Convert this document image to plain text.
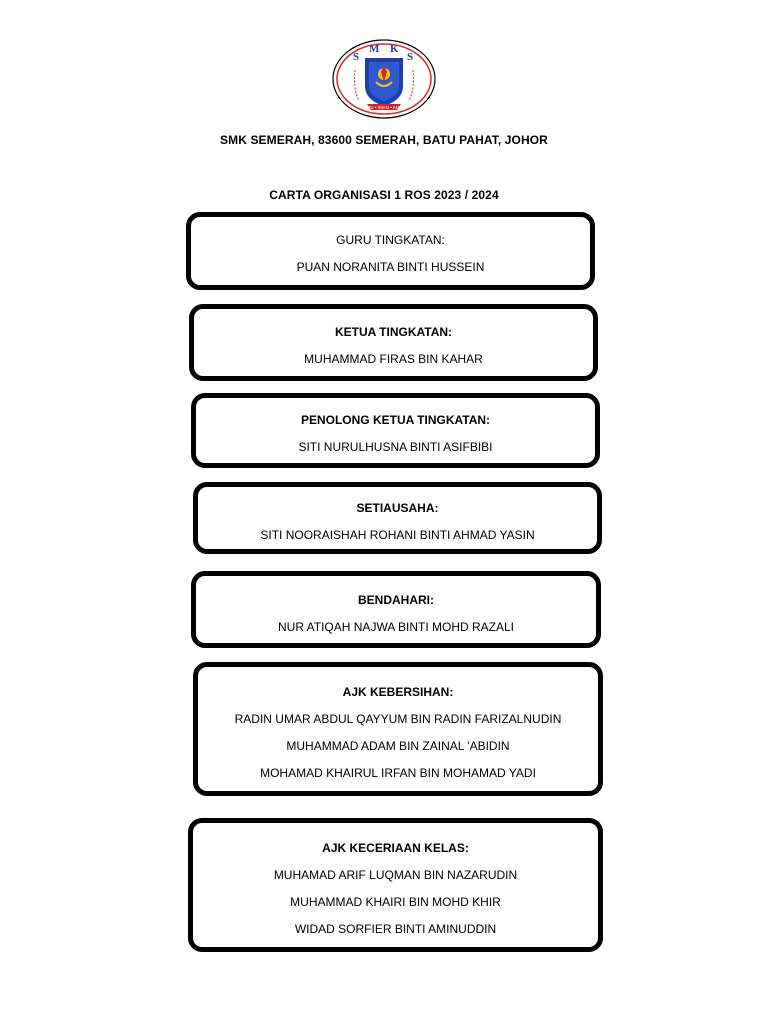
S
M K
S
ILMU • IMAN • AMAL
SMK SEMERAH, 83600 SEMERAH, BATU PAHAT, JOHOR
CARTA ORGANISASI 1 ROS 2023 / 2024
GURU TINGKATAN:
PUAN NORANITA BINTI HUSSEIN
KETUA TINGKATAN:
MUHAMMAD FIRAS BIN KAHAR
PENOLONG KETUA TINGKATAN:
SITI NURULHUSNA BINTI ASIFBIBI
SETIAUSAHA:
SITI NOORAISHAH ROHANI BINTI AHMAD YASIN
BENDAHARI:
NUR ATIQAH NAJWA BINTI MOHD RAZALI
AJK KEBERSIHAN:
RADIN UMAR ABDUL QAYYUM BIN RADIN FARIZALNUDIN
MUHAMMAD ADAM BIN ZAINAL 'ABIDIN
MOHAMAD KHAIRUL IRFAN BIN MOHAMAD YADI
AJK KECERIAAN KELAS:
MUHAMAD ARIF LUQMAN BIN NAZARUDIN
MUHAMMAD KHAIRI BIN MOHD KHIR
WIDAD SORFIER BINTI AMINUDDIN
